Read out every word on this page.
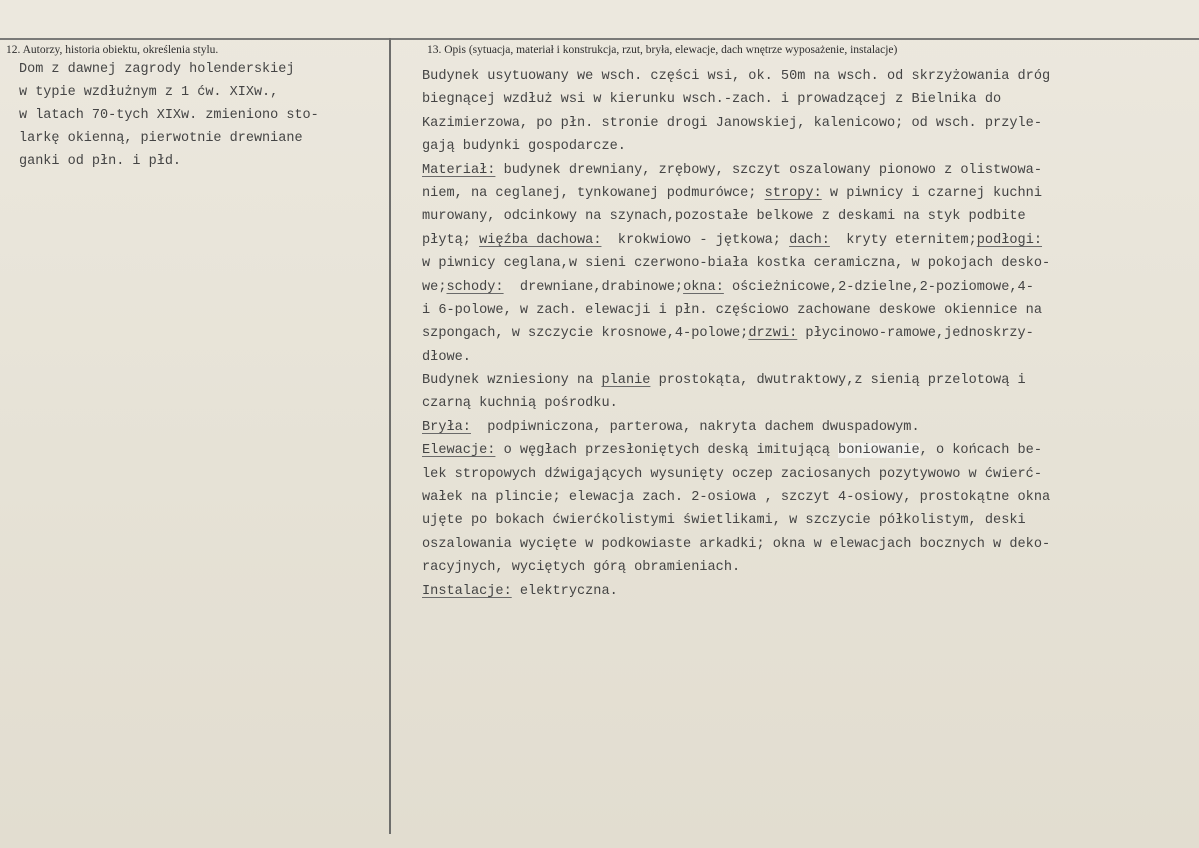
12. Autorzy, historia obiektu, określenia stylu.	13. Opis (sytuacja, materiał i konstrukcja, rzut, bryła, elewacje, dach wnętrze wyposażenie, instalacje)
Dom z dawnej zagrody holenderskiej
w typie wzdłużnym z 1 ćw. XIXw.,
w latach 70-tych XIXw. zmieniono sto-
larkę okienną, pierwotnie drewniane
ganki od płn. i płd.
Budynek usytuowany we wsch. części wsi, ok. 50m na wsch. od skrzyżowania dróg
biegnącej wzdłuż wsi w kierunku wsch.-zach. i prowadzącej z Bielnika do
Kazimierzowa, po płn. stronie drogi Janowskiej, kalenicowo; od wsch. przyle-
gają budynki gospodarcze.
Materiał: budynek drewniany, zrębowy, szczyt oszalowany pionowo z olistwowa-
niem, na ceglanej, tynkowanej podmurówce; stropy: w piwnicy i czarnej kuchni
murowany, odcinkowy na szynach,pozostałe belkowe z deskami na styk podbite
płytą; więźba dachowa:  krokwiowo - jętkowa; dach:  kryty eternitem;podłogi:
w piwnicy ceglana,w sieni czerwono-biała kostka ceramiczna, w pokojach desko-
we;schody:  drewniane,drabinowe;okna: ościeżnicowe,2-dzielne,2-poziomowe,4-
i 6-polowe, w zach. elewacji i płn. częściowo zachowane deskowe okiennice na
szpongach, w szczycie krosnowe,4-polowe;drzwi: płycinowo-ramowe,jednoskrzy-
dłowe.
Budynek wzniesiony na planie prostokąta, dwutraktowy,z sienią przelotową i
czarną kuchnią pośrodku.
Bryła:  podpiwniczona, parterowa, nakryta dachem dwuspadowym.
Elewacje: o węgłach przesłoniętych deską imitującą boniowanie, o końcach be-
lek stropowych dźwigających wysunięty oczep zaciosanych pozytywowo w ćwierć-
wałek na plincie; elewacja zach. 2-osiowa , szczyt 4-osiowy, prostokątne okna
ujęte po bokach ćwierćkolistymi świetlikami, w szczycie półkolistym, deski
oszalowania wycięte w podkowiaste arkadki; okna w elewacjach bocznych w deko-
racyjnych, wyciętych górą obramieniach.
Instalacje: elektryczna.
